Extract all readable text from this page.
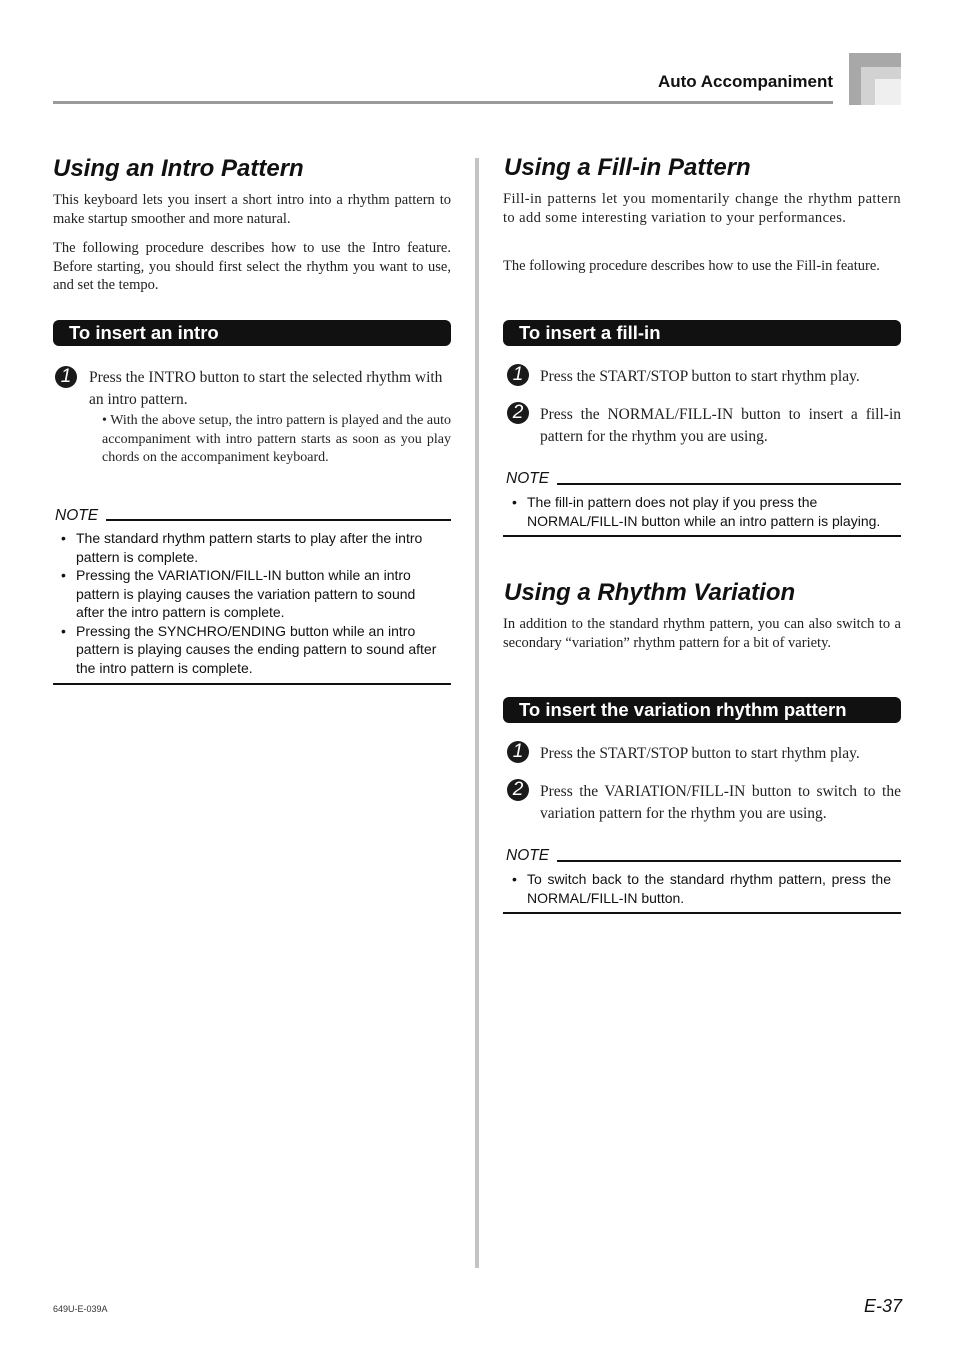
Auto Accompaniment
Using an Intro Pattern

This keyboard lets you insert a short intro into a rhythm pattern to make startup smoother and more natural.

The following procedure describes how to use the Intro feature. Before starting, you should first select the rhythm you want to use, and set the tempo.

To insert an intro
1	Press the INTRO button to start the selected rhythm with an intro pattern.
• With the above setup, the intro pattern is played and the auto accompaniment with intro pattern starts as soon as you play chords on the accompaniment keyboard.
NOTE
• The standard rhythm pattern starts to play after the intro pattern is complete.
• Pressing the VARIATION/FILL-IN button while an intro pattern is playing causes the variation pattern to sound after the intro pattern is complete.
• Pressing the SYNCHRO/ENDING button while an intro pattern is playing causes the ending pattern to sound after the intro pattern is complete.
Using a Fill-in Pattern

Fill-in patterns let you momentarily change the rhythm pattern to add some interesting variation to your performances.

The following procedure describes how to use the Fill-in feature.

To insert a fill-in
1	Press the START/STOP button to start rhythm play.
2	Press the NORMAL/FILL-IN button to insert a fill-in pattern for the rhythm you are using.
NOTE
• The fill-in pattern does not play if you press the NORMAL/FILL-IN button while an intro pattern is playing.
Using a Rhythm Variation

In addition to the standard rhythm pattern, you can also switch to a secondary “variation” rhythm pattern for a bit of variety.

To insert the variation rhythm pattern
1	Press the START/STOP button to start rhythm play.
2	Press the VARIATION/FILL-IN button to switch to the variation pattern for the rhythm you are using.
NOTE
• To switch back to the standard rhythm pattern, press the NORMAL/FILL-IN button.
649U-E-039A	E-37
